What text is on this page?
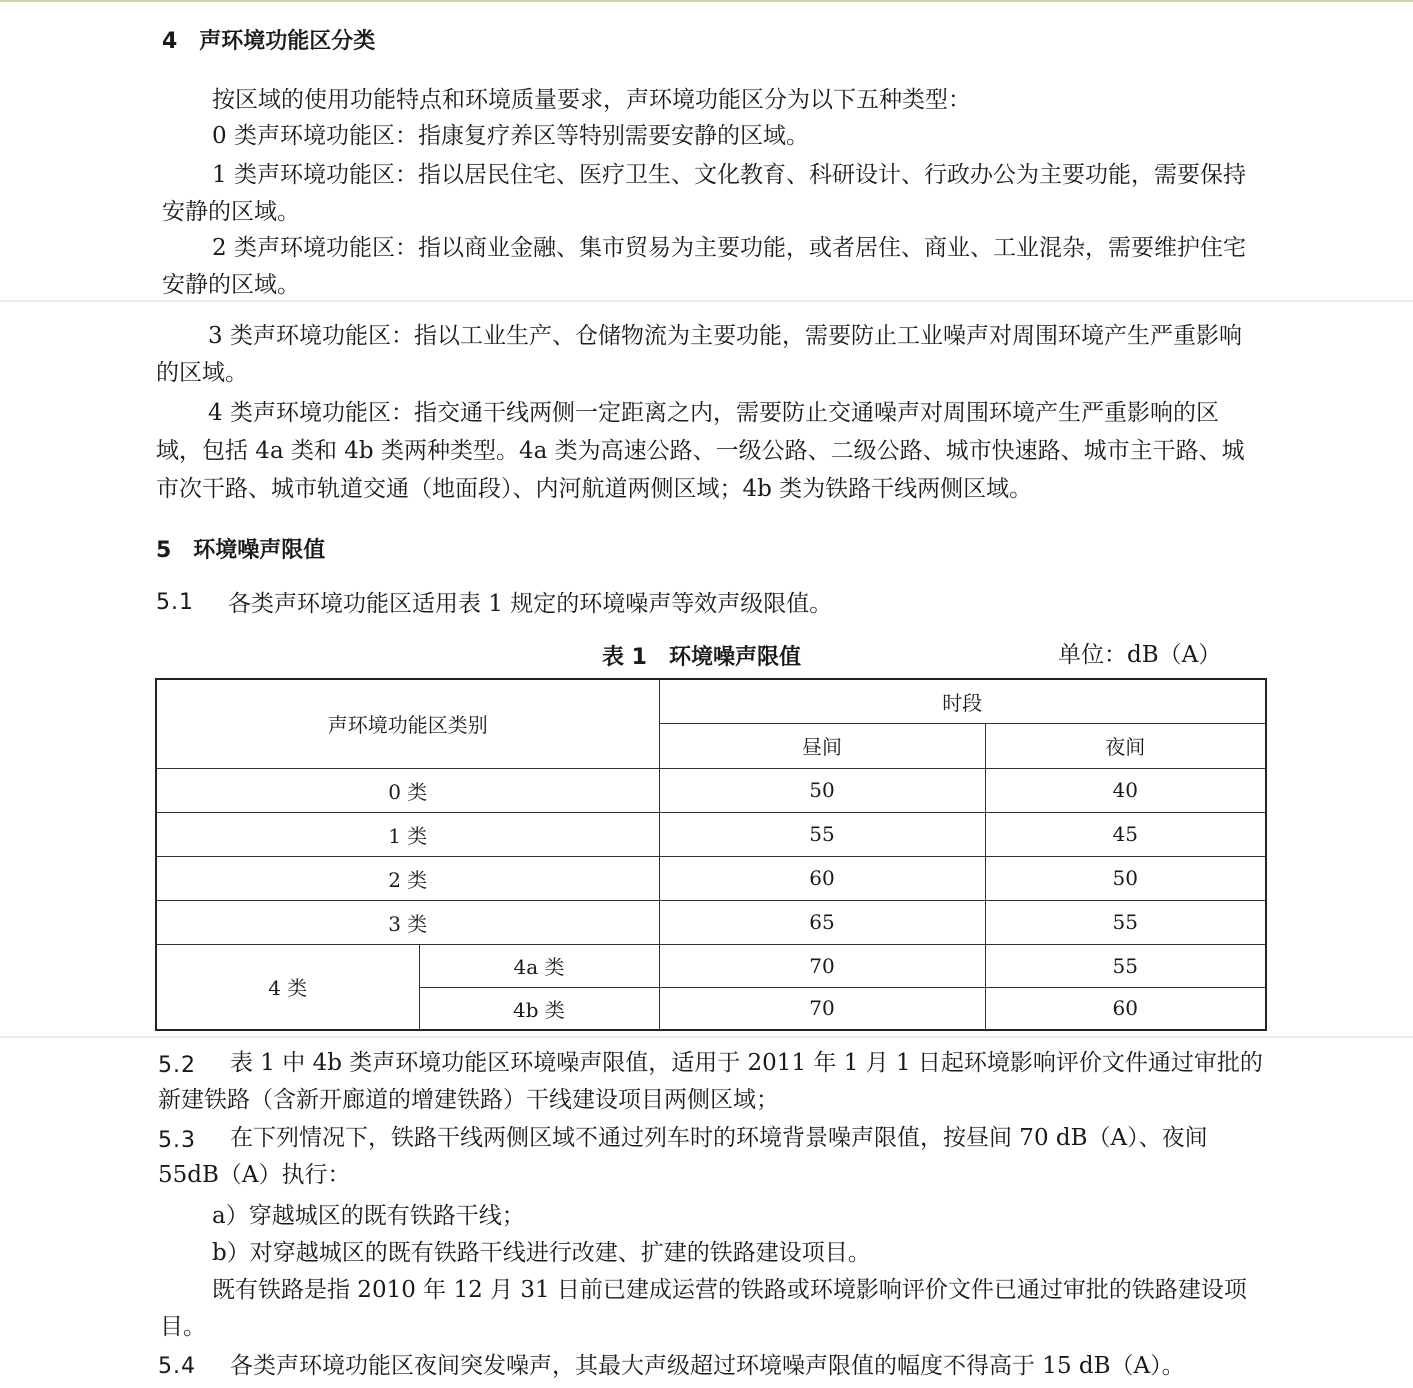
4　声环境功能区分类
按区域的使用功能特点和环境质量要求，声环境功能区分为以下五种类型：
0 类声环境功能区：指康复疗养区等特别需要安静的区域。
1 类声环境功能区：指以居民住宅、医疗卫生、文化教育、科研设计、行政办公为主要功能，需要保持安静的区域。
2 类声环境功能区：指以商业金融、集市贸易为主要功能，或者居住、商业、工业混杂，需要维护住宅安静的区域。
3 类声环境功能区：指以工业生产、仓储物流为主要功能，需要防止工业噪声对周围环境产生严重影响的区域。
4 类声环境功能区：指交通干线两侧一定距离之内，需要防止交通噪声对周围环境产生严重影响的区域，包括 4a 类和 4b 类两种类型。4a 类为高速公路、一级公路、二级公路、城市快速路、城市主干路、城市次干路、城市轨道交通（地面段）、内河航道两侧区域；4b 类为铁路干线两侧区域。
5　环境噪声限值
5.1 各类声环境功能区适用表 1 规定的环境噪声等效声级限值。
表 1　环境噪声限值	单位：dB（A）
声环境功能区类别		时段	
		昼间	夜间
0 类		50	40
1 类		55	45
2 类		60	50
3 类		65	55
4 类	4a 类	70	55
	4b 类	70	60
5.2	表 1 中 4b 类声环境功能区环境噪声限值，适用于 2011 年 1 月 1 日起环境影响评价文件通过审批的新建铁路（含新开廊道的增建铁路）干线建设项目两侧区域；
5.3	在下列情况下，铁路干线两侧区域不通过列车时的环境背景噪声限值，按昼间 70 dB（A）、夜间 55dB（A）执行：
a）穿越城区的既有铁路干线；
b）对穿越城区的既有铁路干线进行改建、扩建的铁路建设项目。
既有铁路是指 2010 年 12 月 31 日前已建成运营的铁路或环境影响评价文件已通过审批的铁路建设项目。
5.4 各类声环境功能区夜间突发噪声，其最大声级超过环境噪声限值的幅度不得高于 15 dB（A）。
